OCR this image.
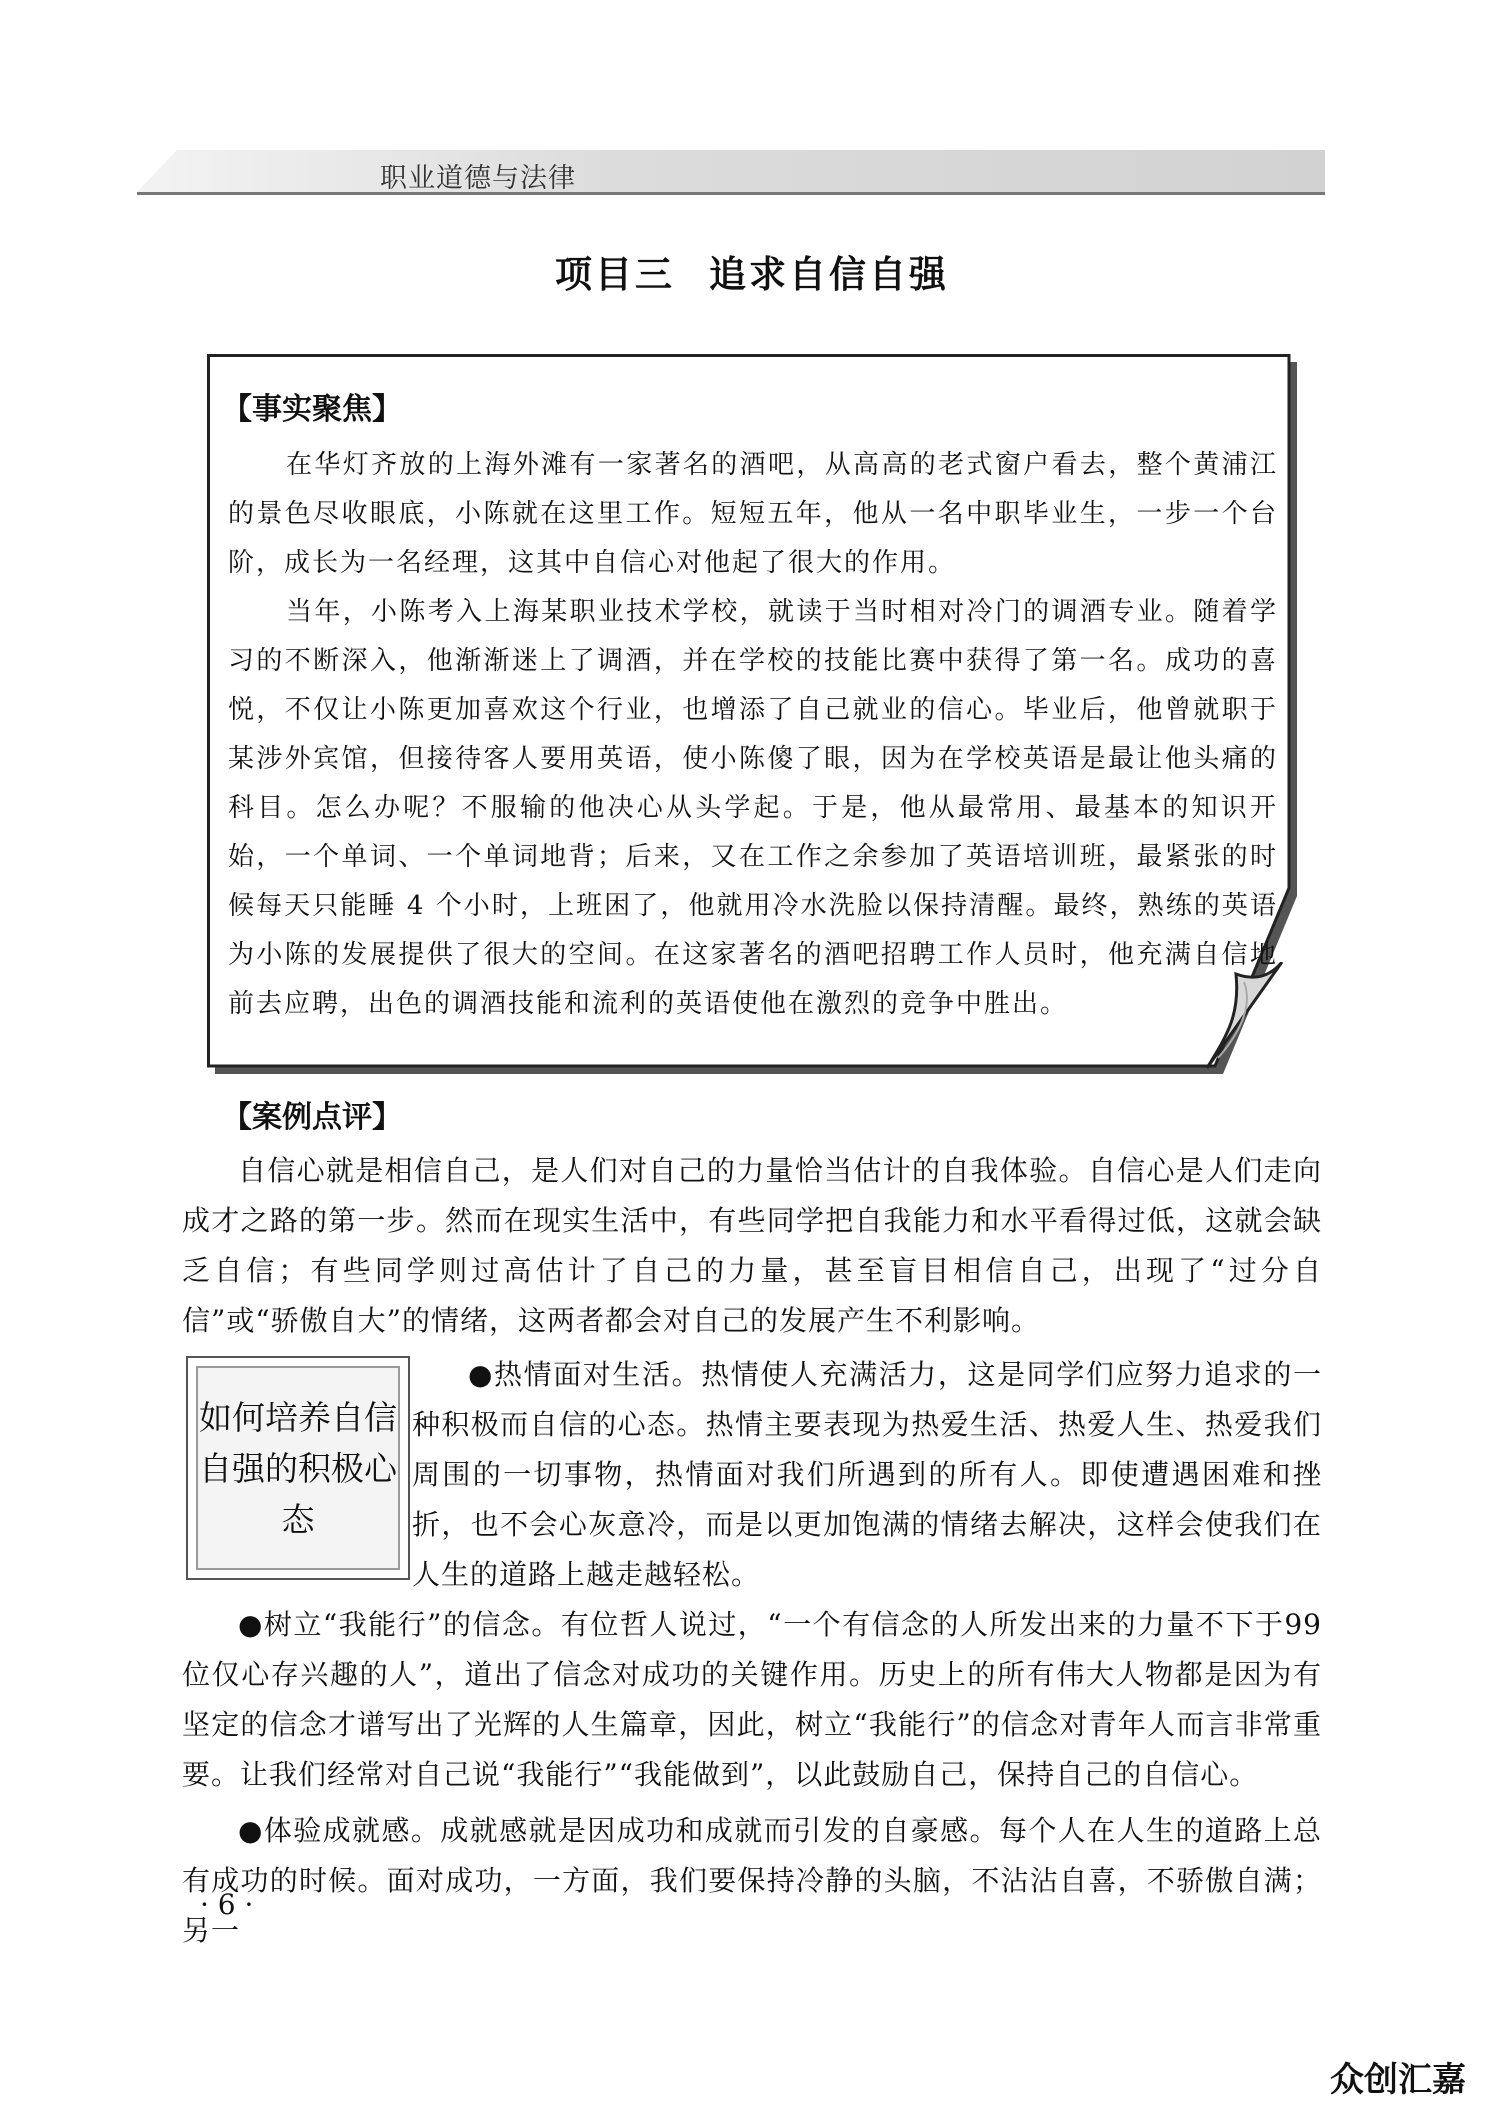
职业道德与法律
项目三 追求自信自强
【事实聚焦】

在华灯齐放的上海外滩有一家著名的酒吧，从高高的老式窗户看去，整个黄浦江的景色尽收眼底，小陈就在这里工作。短短五年，他从一名中职毕业生，一步一个台阶，成长为一名经理，这其中自信心对他起了很大的作用。

当年，小陈考入上海某职业技术学校，就读于当时相对冷门的调酒专业。随着学习的不断深入，他渐渐迷上了调酒，并在学校的技能比赛中获得了第一名。成功的喜悦，不仅让小陈更加喜欢这个行业，也增添了自己就业的信心。毕业后，他曾就职于某涉外宾馆，但接待客人要用英语，使小陈傻了眼，因为在学校英语是最让他头痛的科目。怎么办呢？不服输的他决心从头学起。于是，他从最常用、最基本的知识开始，一个单词、一个单词地背；后来，又在工作之余参加了英语培训班，最紧张的时候每天只能睡 4 个小时，上班困了，他就用冷水洗脸以保持清醒。最终，熟练的英语为小陈的发展提供了很大的空间。在这家著名的酒吧招聘工作人员时，他充满自信地前去应聘，出色的调酒技能和流利的英语使他在激烈的竞争中胜出。

【案例点评】

自信心就是相信自己，是人们对自己的力量恰当估计的自我体验。自信心是人们走向成才之路的第一步。然而在现实生活中，有些同学把自我能力和水平看得过低，这就会缺乏自信；有些同学则过高估计了自己的力量，甚至盲目相信自己，出现了“过分自信”或“骄傲自大”的情绪，这两者都会对自己的发展产生不利影响。

如何培养自信自强的积极心态

●热情面对生活。热情使人充满活力，这是同学们应努力追求的一种积极而自信的心态。热情主要表现为热爱生活、热爱人生、热爱我们周围的一切事物，热情面对我们所遇到的所有人。即使遭遇困难和挫折，也不会心灰意冷，而是以更加饱满的情绪去解决，这样会使我们在人生的道路上越走越轻松。

●树立“我能行”的信念。有位哲人说过，“一个有信念的人所发出来的力量不下于99位仅心存兴趣的人”，道出了信念对成功的关键作用。历史上的所有伟大人物都是因为有坚定的信念才谱写出了光辉的人生篇章，因此，树立“我能行”的信念对青年人而言非常重要。让我们经常对自己说“我能行”“我能做到”，以此鼓励自己，保持自己的自信心。

●体验成就感。成就感就是因成功和成就而引发的自豪感。每个人在人生的道路上总有成功的时候。面对成功，一方面，我们要保持冷静的头脑，不沾沾自喜，不骄傲自满；另一

· 6 ·
众创汇嘉
